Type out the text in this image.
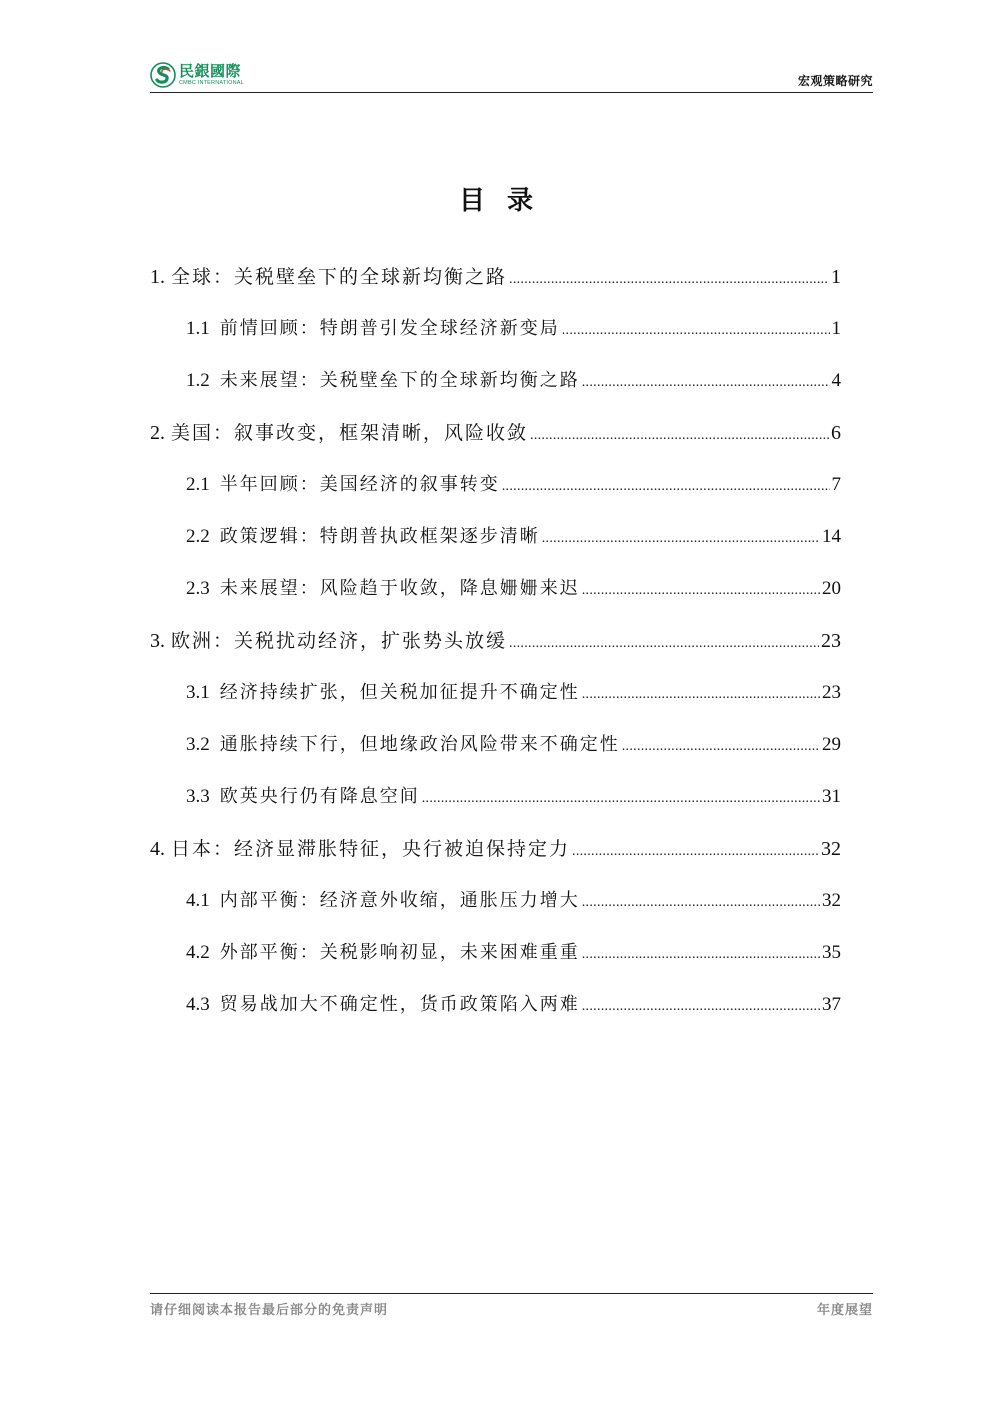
民銀國際
CMBC INTERNATIONAL	宏观策略研究
目录
1. 全球：关税壁垒下的全球新均衡之路 .....	1
1.1 前情回顾：特朗普引发全球经济新变局 .....	1
1.2 未来展望：关税壁垒下的全球新均衡之路 .....	4
2. 美国：叙事改变，框架清晰，风险收敛 .....	6
2.1 半年回顾：美国经济的叙事转变 .....	7
2.2 政策逻辑：特朗普执政框架逐步清晰 .....	14
2.3 未来展望：风险趋于收敛，降息姗姗来迟 .....	20
3. 欧洲：关税扰动经济，扩张势头放缓 .....	23
3.1 经济持续扩张，但关税加征提升不确定性 .....	23
3.2 通胀持续下行，但地缘政治风险带来不确定性 .....	29
3.3 欧英央行仍有降息空间 .....	31
4. 日本：经济显滞胀特征，央行被迫保持定力 .....	32
4.1 内部平衡：经济意外收缩，通胀压力增大 .....	32
4.2 外部平衡：关税影响初显，未来困难重重 .....	35
4.3 贸易战加大不确定性，货币政策陷入两难 .....	37
请仔细阅读本报告最后部分的免责声明	年度展望
